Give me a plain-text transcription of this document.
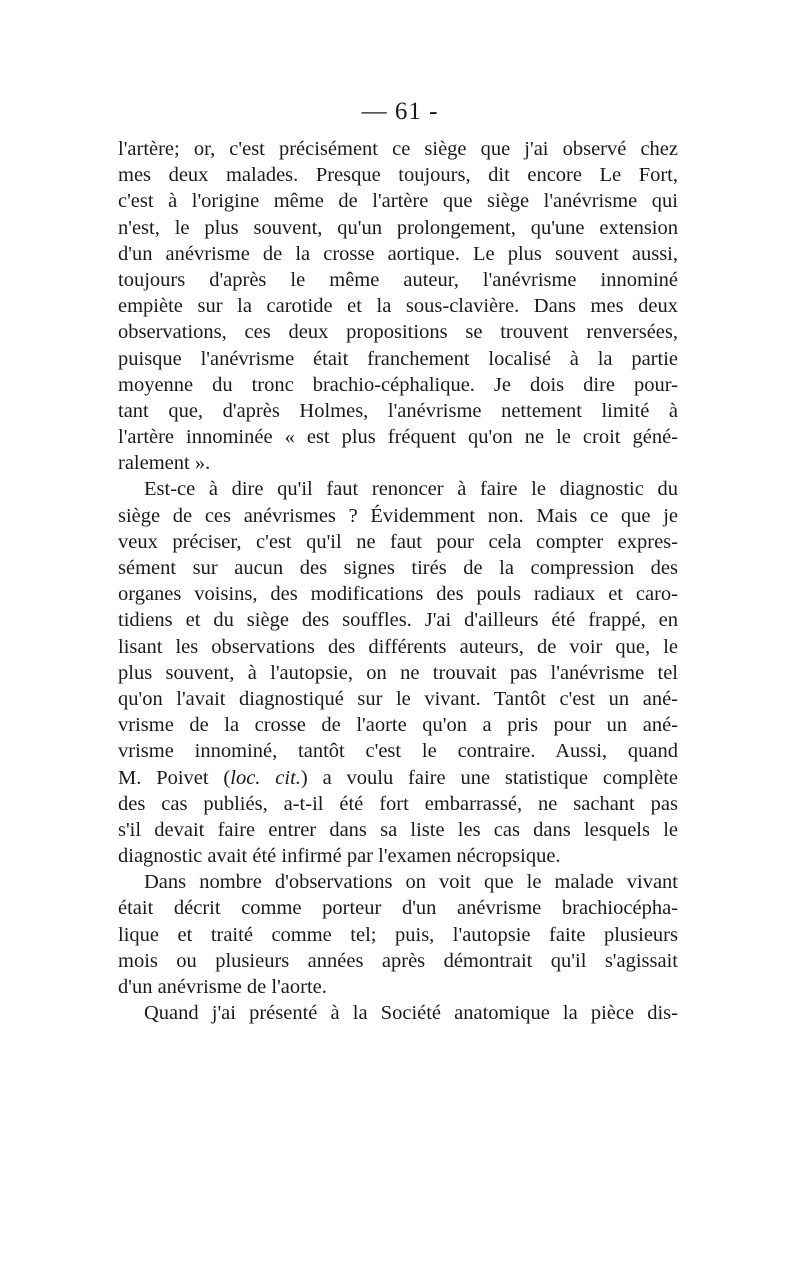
— 61 -
l'artère; or, c'est précisément ce siège que j'ai observé chez
mes deux malades. Presque toujours, dit encore Le Fort,
c'est à l'origine même de l'artère que siège l'anévrisme qui
n'est, le plus souvent, qu'un prolongement, qu'une extension
d'un anévrisme de la crosse aortique. Le plus souvent aussi,
toujours d'après le même auteur, l'anévrisme innominé
empiète sur la carotide et la sous-clavière. Dans mes deux
observations, ces deux propositions se trouvent renversées,
puisque l'anévrisme était franchement localisé à la partie
moyenne du tronc brachio-céphalique. Je dois dire pour-
tant que, d'après Holmes, l'anévrisme nettement limité à
l'artère innominée « est plus fréquent qu'on ne le croit géné-
ralement ».
Est-ce à dire qu'il faut renoncer à faire le diagnostic du
siège de ces anévrismes ? Évidemment non. Mais ce que je
veux préciser, c'est qu'il ne faut pour cela compter expres-
sément sur aucun des signes tirés de la compression des
organes voisins, des modifications des pouls radiaux et caro-
tidiens et du siège des souffles. J'ai d'ailleurs été frappé, en
lisant les observations des différents auteurs, de voir que, le
plus souvent, à l'autopsie, on ne trouvait pas l'anévrisme tel
qu'on l'avait diagnostiqué sur le vivant. Tantôt c'est un ané-
vrisme de la crosse de l'aorte qu'on a pris pour un ané-
vrisme innominé, tantôt c'est le contraire. Aussi, quand
M. Poivet (loc. cit.) a voulu faire une statistique complète
des cas publiés, a-t-il été fort embarrassé, ne sachant pas
s'il devait faire entrer dans sa liste les cas dans lesquels le
diagnostic avait été infirmé par l'examen nécropsique.
Dans nombre d'observations on voit que le malade vivant
était décrit comme porteur d'un anévrisme brachiocépha-
lique et traité comme tel; puis, l'autopsie faite plusieurs
mois ou plusieurs années après démontrait qu'il s'agissait
d'un anévrisme de l'aorte.
Quand j'ai présenté à la Société anatomique la pièce dis-
